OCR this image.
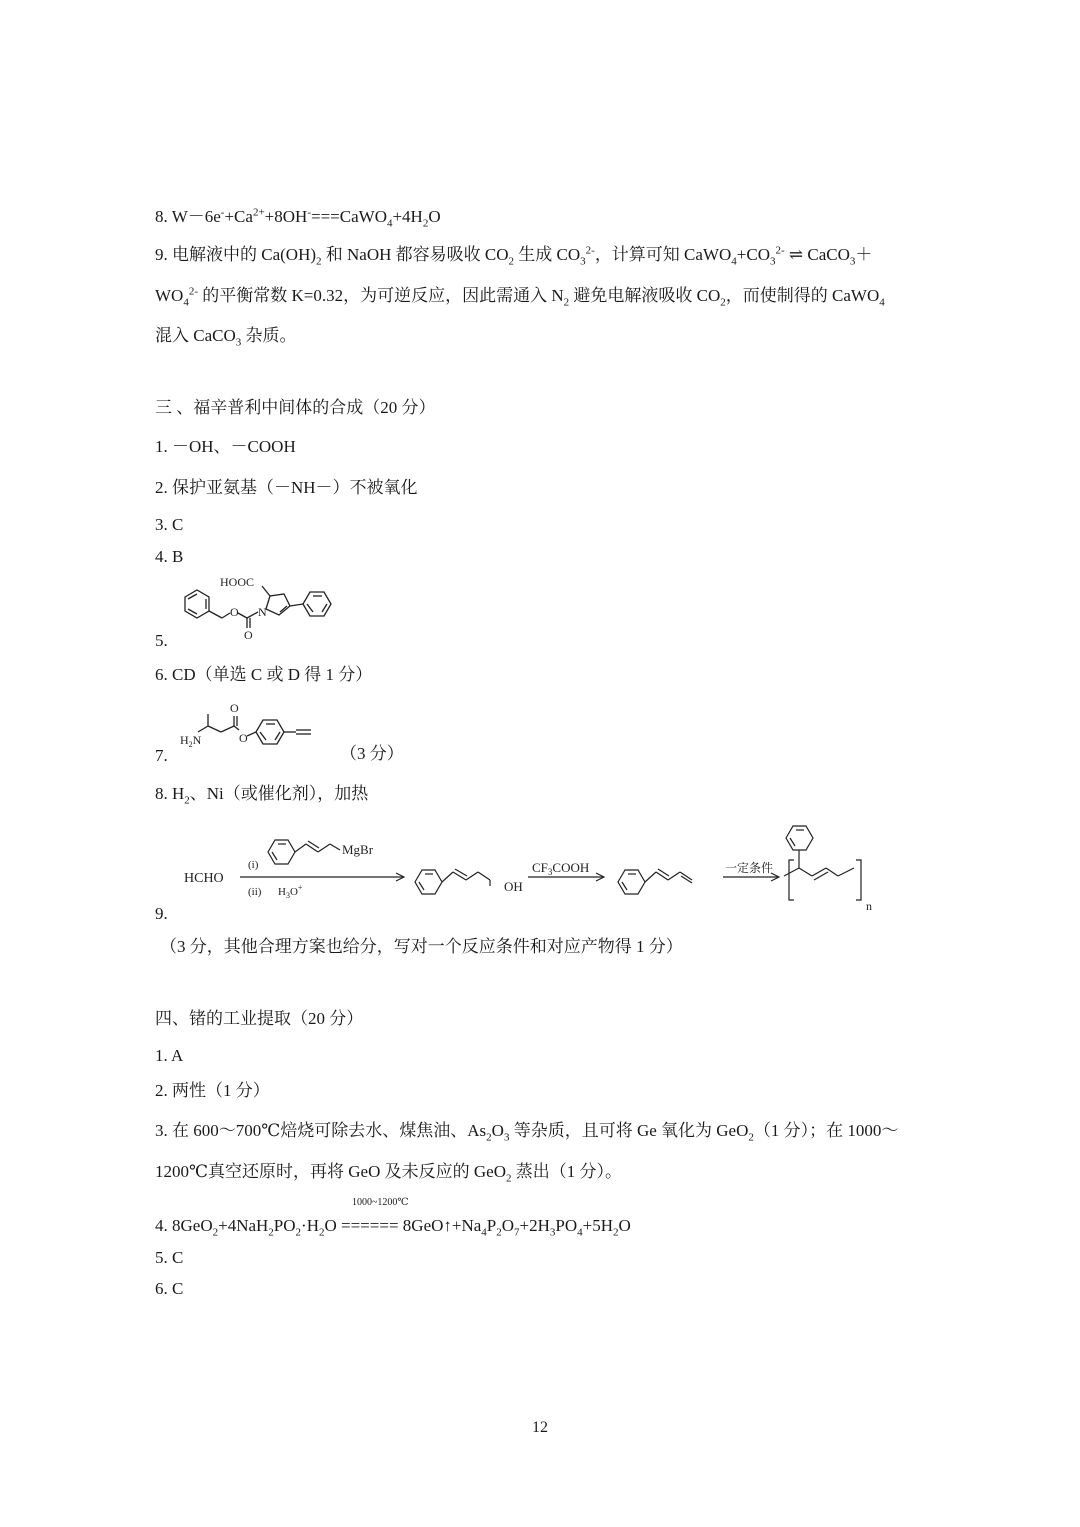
8. $W-6e^-+Ca^{2+}+8OH^-===CaWO_4+4H_2O$
9. 电解液中的 $Ca(OH)_2$ 和 NaOH 都容易吸收 $CO_2$ 生成 $CO_3^{2-}$，计算可知 $CaWO_4+CO_3^{2-}$ ⇌ CaCO$_3$＋
$WO_4^{2-}$ 的平衡常数 K=0.32，为可逆反应，因此需通入 $N_2$ 避免电解液吸收 $CO_2$，而使制得的 CaWO$_4$
混入 CaCO$_3$ 杂质。
三 、福辛普利中间体的合成（20 分）
1. －OH、－COOH
2. 保护亚氨基（－NH－）不被氧化
3. C
4. B
5.
HOOC
O N
O
6. CD（单选 C 或 D 得 1 分）
7.
$H_2N$
O
O
（3 分）
8. $H_2$、Ni（或催化剂），加热
9.
HCHO
(i)
(ii) $H_3O^+$
MgBr
OH
$CF_3COOH$	一定条件
n
（3 分，其他合理方案也给分，写对一个反应条件和对应产物得 1 分）
四、锗的工业提取（20 分）
1. A
2. 两性（1 分）
3. 在 600～700℃焙烧可除去水、煤焦油、$As_2O_3$ 等杂质，且可将 Ge 氧化为 GeO$_2$（1 分）；在 1000～
1200℃真空还原时，再将 GeO 及未反应的 GeO$_2$ 蒸出（1 分）。
1000~1200℃
4. $8GeO_2+4NaH_2PO_2\cdot H_2O$ ====== $8GeO↑+Na_4P_2O_7+2H_3PO_4+5H_2O$
5. C
6. C
12
